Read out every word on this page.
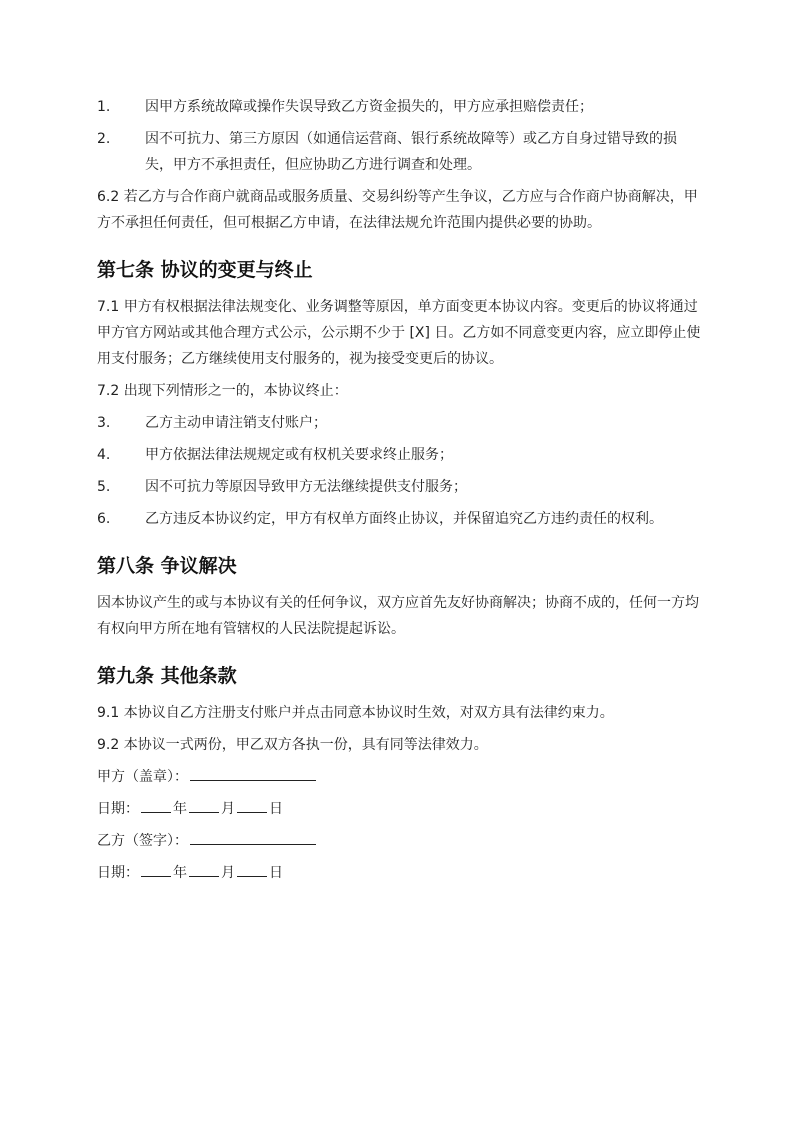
1.	因甲方系统故障或操作失误导致乙方资金损失的，甲方应承担赔偿责任；
2.	因不可抗力、第三方原因（如通信运营商、银行系统故障等）或乙方自身过错导致的损失，甲方不承担责任，但应协助乙方进行调查和处理。

6.2 若乙方与合作商户就商品或服务质量、交易纠纷等产生争议，乙方应与合作商户协商解决，甲方不承担任何责任，但可根据乙方申请，在法律法规允许范围内提供必要的协助。

第七条 协议的变更与终止

7.1 甲方有权根据法律法规变化、业务调整等原因，单方面变更本协议内容。变更后的协议将通过甲方官方网站或其他合理方式公示，公示期不少于 [X] 日。乙方如不同意变更内容，应立即停止使用支付服务；乙方继续使用支付服务的，视为接受变更后的协议。

7.2 出现下列情形之一的，本协议终止：

3.	乙方主动申请注销支付账户；
4.	甲方依据法律法规规定或有权机关要求终止服务；
5.	因不可抗力等原因导致甲方无法继续提供支付服务；
6.	乙方违反本协议约定，甲方有权单方面终止协议，并保留追究乙方违约责任的权利。
第八条 争议解决

因本协议产生的或与本协议有关的任何争议，双方应首先友好协商解决；协商不成的，任何一方均有权向甲方所在地有管辖权的人民法院提起诉讼。

第九条 其他条款

9.1 本协议自乙方注册支付账户并点击同意本协议时生效，对双方具有法律约束力。

9.2 本协议一式两份，甲乙双方各执一份，具有同等法律效力。

甲方（盖章）：
日期： 年 月 日
乙方（签字）：
日期： 年 月 日
